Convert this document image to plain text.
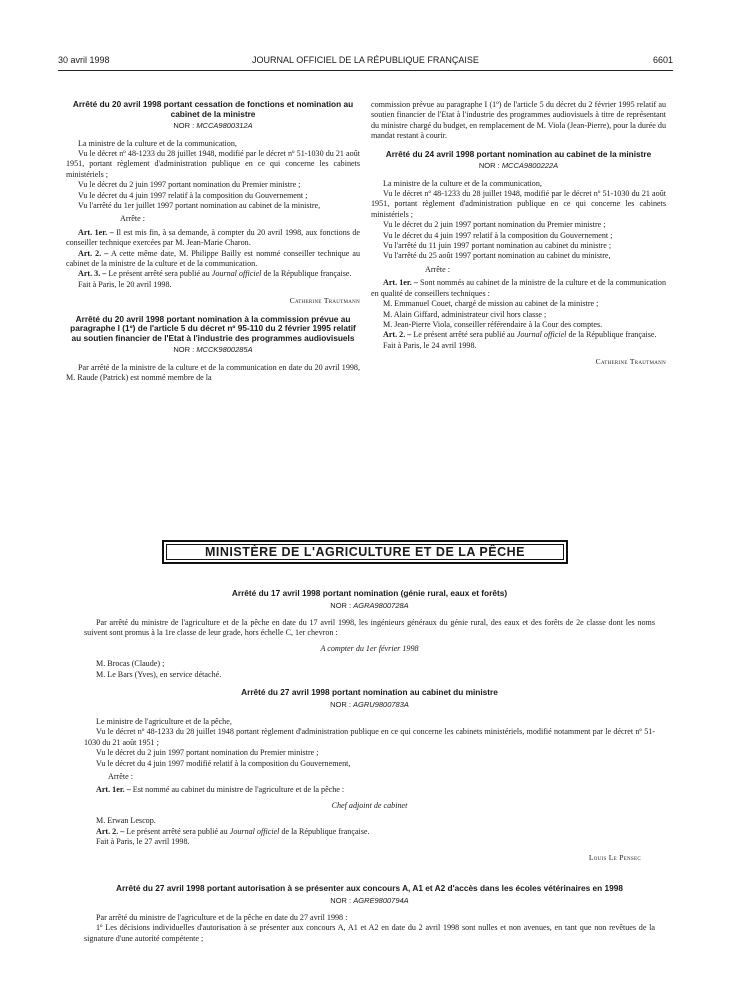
30 avril 1998	JOURNAL OFFICIEL DE LA RÉPUBLIQUE FRANÇAISE	6601
Arrêté du 20 avril 1998 portant cessation de fonctions et nomination au cabinet de la ministre
NOR : MCCA9800312A

La ministre de la culture et de la communication,

Vu le décret nº 48-1233 du 28 juillet 1948, modifié par le décret nº 51-1030 du 21 août 1951, portant règlement d'administration publique en ce qui concerne les cabinets ministériels ;

Vu le décret du 2 juin 1997 portant nomination du Premier ministre ;

Vu le décret du 4 juin 1997 relatif à la composition du Gouvernement ;

Vu l'arrêté du 1er juillet 1997 portant nomination au cabinet de la ministre,

Arrête :

Art. 1er. – Il est mis fin, à sa demande, à compter du 20 avril 1998, aux fonctions de conseiller technique exercées par M. Jean-Marie Charon.

Art. 2. – A cette même date, M. Philippe Bailly est nommé conseiller technique au cabinet de la ministre de la culture et de la communication.

Art. 3. – Le présent arrêté sera publié au Journal officiel de la République française.

Fait à Paris, le 20 avril 1998.

Catherine Trautmann

Arrêté du 20 avril 1998 portant nomination à la commission prévue au paragraphe I (1º) de l'article 5 du décret nº 95-110 du 2 février 1995 relatif au soutien financier de l'Etat à l'industrie des programmes audiovisuels
NOR : MCCK9800285A

Par arrêté de la ministre de la culture et de la communication en date du 20 avril 1998, M. Raude (Patrick) est nommé membre de la

commission prévue au paragraphe I (1º) de l'article 5 du décret du 2 février 1995 relatif au soutien financier de l'Etat à l'industrie des programmes audiovisuels à titre de représentant du ministre chargé du budget, en remplacement de M. Viola (Jean-Pierre), pour la durée du mandat restant à courir.

Arrêté du 24 avril 1998 portant nomination au cabinet de la ministre
NOR : MCCA9800222A

La ministre de la culture et de la communication,

Vu le décret nº 48-1233 du 28 juillet 1948, modifié par le décret nº 51-1030 du 21 août 1951, portant règlement d'administration publique en ce qui concerne les cabinets ministériels ;

Vu le décret du 2 juin 1997 portant nomination du Premier ministre ;

Vu le décret du 4 juin 1997 relatif à la composition du Gouvernement ;

Vu l'arrêté du 11 juin 1997 portant nomination au cabinet du ministre ;

Vu l'arrêté du 25 août 1997 portant nomination au cabinet du ministre,

Arrête :

Art. 1er. – Sont nommés au cabinet de la ministre de la culture et de la communication en qualité de conseillers techniques :

M. Emmanuel Couet, chargé de mission au cabinet de la ministre ;

M. Alain Giffard, administrateur civil hors classe ;

M. Jean-Pierre Viola, conseiller référendaire à la Cour des comptes.

Art. 2. – Le présent arrêté sera publié au Journal officiel de la République française.

Fait à Paris, le 24 avril 1998.

Catherine Trautmann

MINISTÈRE DE L'AGRICULTURE ET DE LA PÊCHE
Arrêté du 17 avril 1998 portant nomination (génie rural, eaux et forêts)
NOR : AGRA9800728A

Par arrêté du ministre de l'agriculture et de la pêche en date du 17 avril 1998, les ingénieurs généraux du génie rural, des eaux et des forêts de 2e classe dont les noms suivent sont promus à la 1re classe de leur grade, hors échelle C, 1er chevron :

A compter du 1er février 1998

M. Brocas (Claude) ;

M. Le Bars (Yves), en service détaché.

Arrêté du 27 avril 1998 portant nomination au cabinet du ministre
NOR : AGRU9800783A

Le ministre de l'agriculture et de la pêche,

Vu le décret nº 48-1233 du 28 juillet 1948 portant règlement d'administration publique en ce qui concerne les cabinets ministériels, modifié notamment par le décret nº 51-1030 du 21 août 1951 ;

Vu le décret du 2 juin 1997 portant nomination du Premier ministre ;

Vu le décret du 4 juin 1997 modifié relatif à la composition du Gouvernement,

Arrête :

Art. 1er. – Est nommé au cabinet du ministre de l'agriculture et de la pêche :

Chef adjoint de cabinet

M. Erwan Lescop.

Art. 2. – Le présent arrêté sera publié au Journal officiel de la République française.

Fait à Paris, le 27 avril 1998.

Louis Le Pensec

Arrêté du 27 avril 1998 portant autorisation à se présenter aux concours A, A1 et A2 d'accès dans les écoles vétérinaires en 1998
NOR : AGRE9800794A

Par arrêté du ministre de l'agriculture et de la pêche en date du 27 avril 1998 :

1º Les décisions individuelles d'autorisation à se présenter aux concours A, A1 et A2 en date du 2 avril 1998 sont nulles et non avenues, en tant que non revêtues de la signature d'une autorité compétente ;
